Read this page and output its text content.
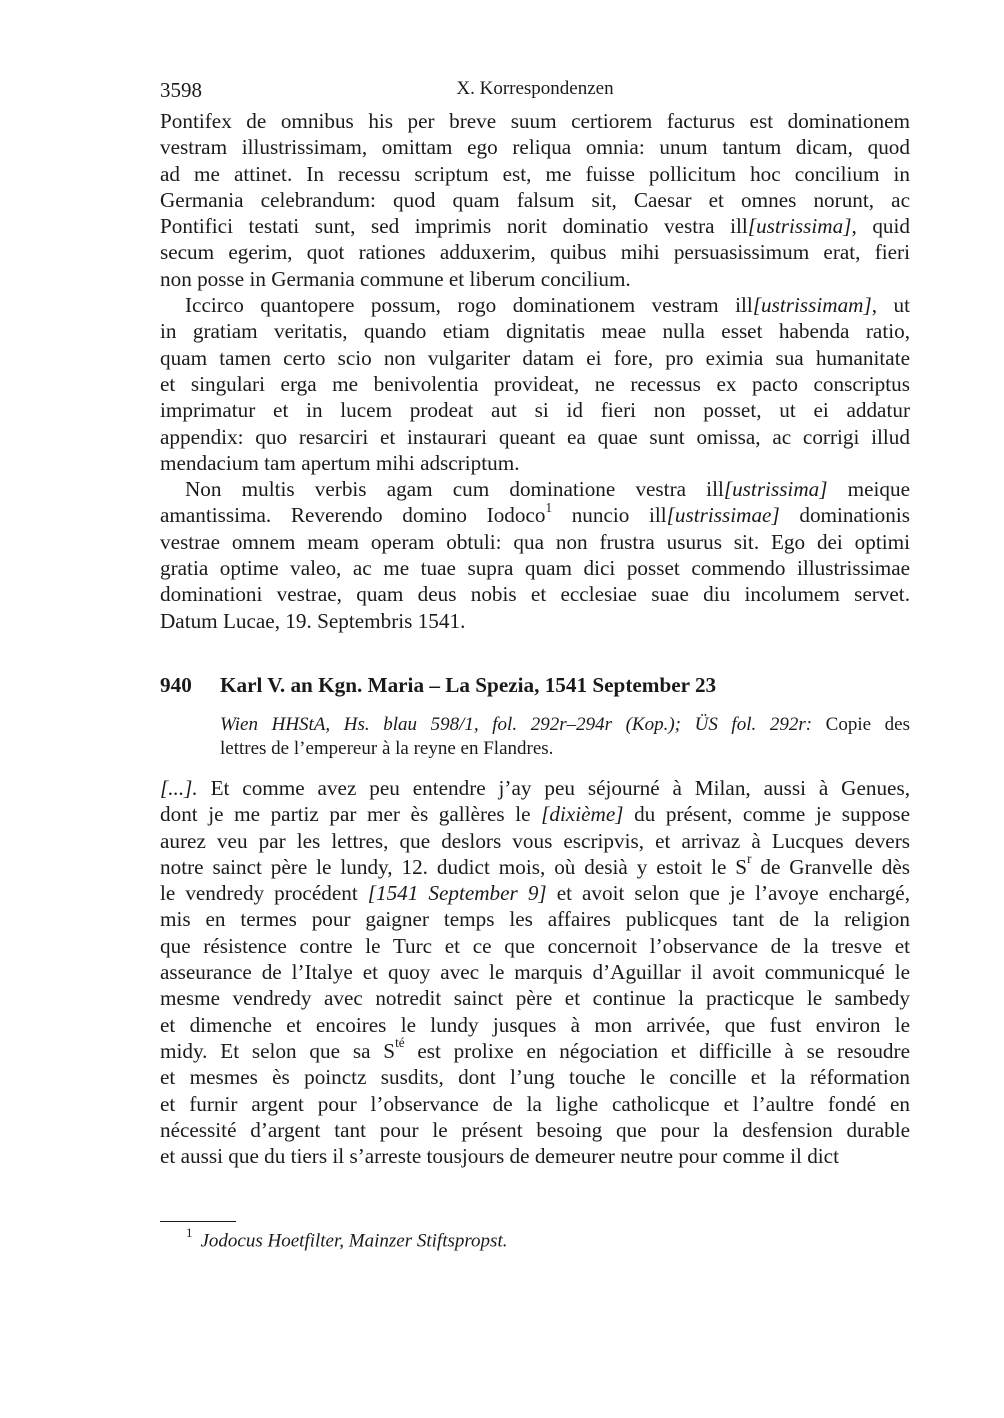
3598	X. Korrespondenzen
Pontifex de omnibus his per breve suum certiorem facturus est dominationem
vestram illustrissimam, omittam ego reliqua omnia: unum tantum dicam, quod
ad me attinet. In recessu scriptum est, me fuisse pollicitum hoc concilium in
Germania celebrandum: quod quam falsum sit, Caesar et omnes norunt, ac
Pontifici testati sunt, sed imprimis norit dominatio vestra ill[ustrissima], quid
secum egerim, quot rationes adduxerim, quibus mihi persuasissimum erat, fieri
non posse in Germania commune et liberum concilium.
Iccirco quantopere possum, rogo dominationem vestram ill[ustrissimam], ut
in gratiam veritatis, quando etiam dignitatis meae nulla esset habenda ratio,
quam tamen certo scio non vulgariter datam ei fore, pro eximia sua humanitate
et singulari erga me benivolentia provideat, ne recessus ex pacto conscriptus
imprimatur et in lucem prodeat aut si id fieri non posset, ut ei addatur
appendix: quo resarciri et instaurari queant ea quae sunt omissa, ac corrigi illud
mendacium tam apertum mihi adscriptum.
Non multis verbis agam cum dominatione vestra ill[ustrissima] meique
amantissima. Reverendo domino Iodoco$^1$ nuncio ill[ustrissimae] dominationis
vestrae omnem meam operam obtuli: qua non frustra usurus sit. Ego dei optimi
gratia optime valeo, ac me tuae supra quam dici posset commendo illustrissimae
dominationi vestrae, quam deus nobis et ecclesiae suae diu incolumem servet.
Datum Lucae, 19. Septembris 1541.
940	Karl V. an Kgn. Maria – La Spezia, 1541 September 23
Wien HHStA, Hs. blau 598/1, fol. 292r–294r (Kop.); ÜS fol. 292r: Copie des
lettres de l’empereur à la reyne en Flandres.
[...]. Et comme avez peu entendre j’ay peu séjourné à Milan, aussi à Genues,
dont je me partiz par mer ès gallères le [dixième] du présent, comme je suppose
aurez veu par les lettres, que deslors vous escripvis, et arrivaz à Lucques devers
notre sainct père le lundy, 12. dudict mois, où desià y estoit le $S^r$ de Granvelle dès
le vendredy procédent [1541 September 9] et avoit selon que je l’avoye enchargé,
mis en termes pour gaigner temps les affaires publicques tant de la religion
que résistence contre le Turc et ce que concernoit l’observance de la tresve et
asseurance de l’Italye et quoy avec le marquis d’Aguillar il avoit communicqué le
mesme vendredy avec notredit sainct père et continue la practicque le sambedy
et dimenche et encoires le lundy jusques à mon arrivée, que fust environ le
midy. Et selon que sa $S^{té}$ est prolixe en négociation et difficille à se resoudre
et mesmes ès poinctz susdits, dont l’ung touche le concille et la réformation
et furnir argent pour l’observance de la lighe catholicque et l’aultre fondé en
nécessité d’argent tant pour le présent besoing que pour la desfension durable
et aussi que du tiers il s’arreste tousjours de demeurer neutre pour comme il dict
$^1$ Jodocus Hoetfilter, Mainzer Stiftspropst.
